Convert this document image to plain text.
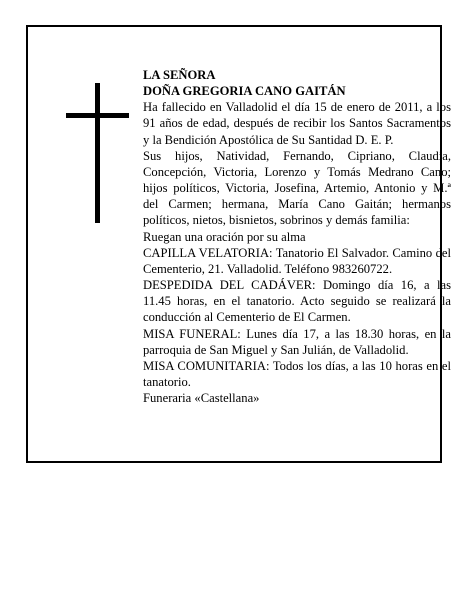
LA SEÑORA

DOÑA GREGORIA CANO GAITÁN

Ha fallecido en Valladolid el día 15 de enero de 2011, a los 91 años de edad, después de recibir los Santos Sacramentos y la Bendición Apostólica de Su Santidad D. E. P.

Sus hijos, Natividad, Fernando, Cipriano, Claudia, Concepción, Victoria, Lorenzo y Tomás Medrano Cano; hijos políticos, Victoria, Josefina, Artemio, Antonio y M.ª del Carmen; hermana, María Cano Gaitán; hermanos políticos, nietos, bisnietos, sobrinos y demás familia:

Ruegan una oración por su alma

CAPILLA VELATORIA: Tanatorio El Salvador. Camino del Cementerio, 21. Valladolid. Teléfono 983260722.

DESPEDIDA DEL CADÁVER: Domingo día 16, a las 11.45 horas, en el tanatorio. Acto seguido se realizará la conducción al Cementerio de El Carmen.

MISA FUNERAL: Lunes día 17, a las 18.30 horas, en la parroquia de San Miguel y San Julián, de Valladolid.

MISA COMUNITARIA: Todos los días, a las 10 horas en el tanatorio.

Funeraria «Castellana»
